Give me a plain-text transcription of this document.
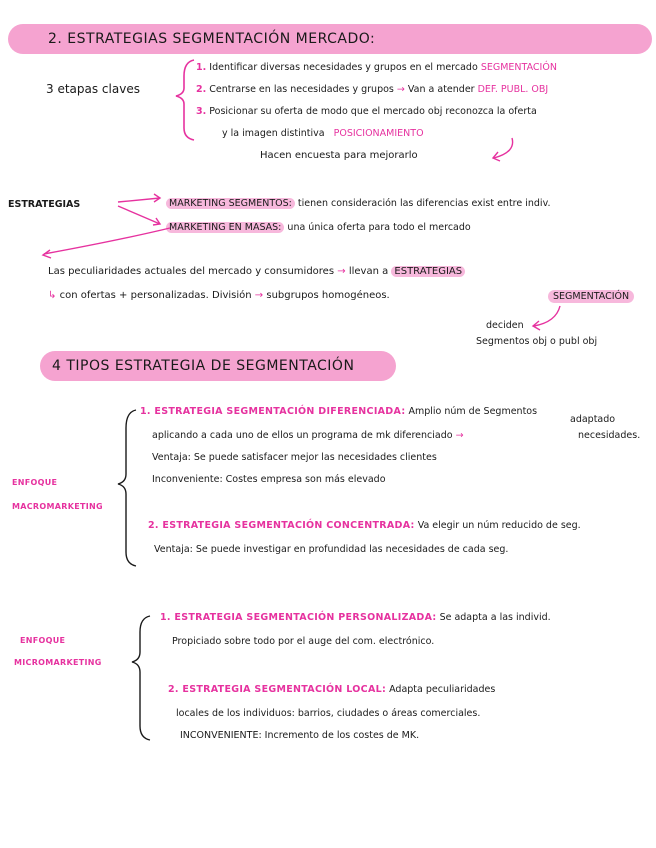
2. ESTRATEGIAS SEGMENTACIÓN MERCADO:
3 etapas claves
1. Identificar diversas necesidades y grupos en el mercado SEGMENTACIÓN
2. Centrarse en las necesidades y grupos → Van a atender DEF. PUBL. OBJ
3. Posicionar su oferta de modo que el mercado obj reconozca la oferta
y la imagen distintiva POSICIONAMIENTO
Hacen encuesta para mejorarlo
ESTRATEGIAS	MARKETING SEGMENTOS: tienen consideración las diferencias exist entre indiv.
MARKETING EN MASAS: una única oferta para todo el mercado
Las peculiaridades actuales del mercado y consumidores → llevan a ESTRATEGIAS
↳ con ofertas + personalizadas. División → subgrupos homogéneos.	SEGMENTACIÓN
deciden
Segmentos obj o publ obj
4 TIPOS ESTRATEGIA DE SEGMENTACIÓN
ENFOQUE
MACROMARKETING
1. ESTRATEGIA SEGMENTACIÓN DIFERENCIADA: Amplio núm de Segmentos
aplicando a cada uno de ellos un programa de mk diferenciado →
adaptado
necesidades.
Ventaja: Se puede satisfacer mejor las necesidades clientes
Inconveniente: Costes empresa son más elevado
2. ESTRATEGIA SEGMENTACIÓN CONCENTRADA: Va elegir un núm reducido de seg.
Ventaja: Se puede investigar en profundidad las necesidades de cada seg.
ENFOQUE
MICROMARKETING
1. ESTRATEGIA SEGMENTACIÓN PERSONALIZADA: Se adapta a las individ.
Propiciado sobre todo por el auge del com. electrónico.
2. ESTRATEGIA SEGMENTACIÓN LOCAL: Adapta peculiaridades
locales de los individuos: barrios, ciudades o áreas comerciales.
INCONVENIENTE: Incremento de los costes de MK.
